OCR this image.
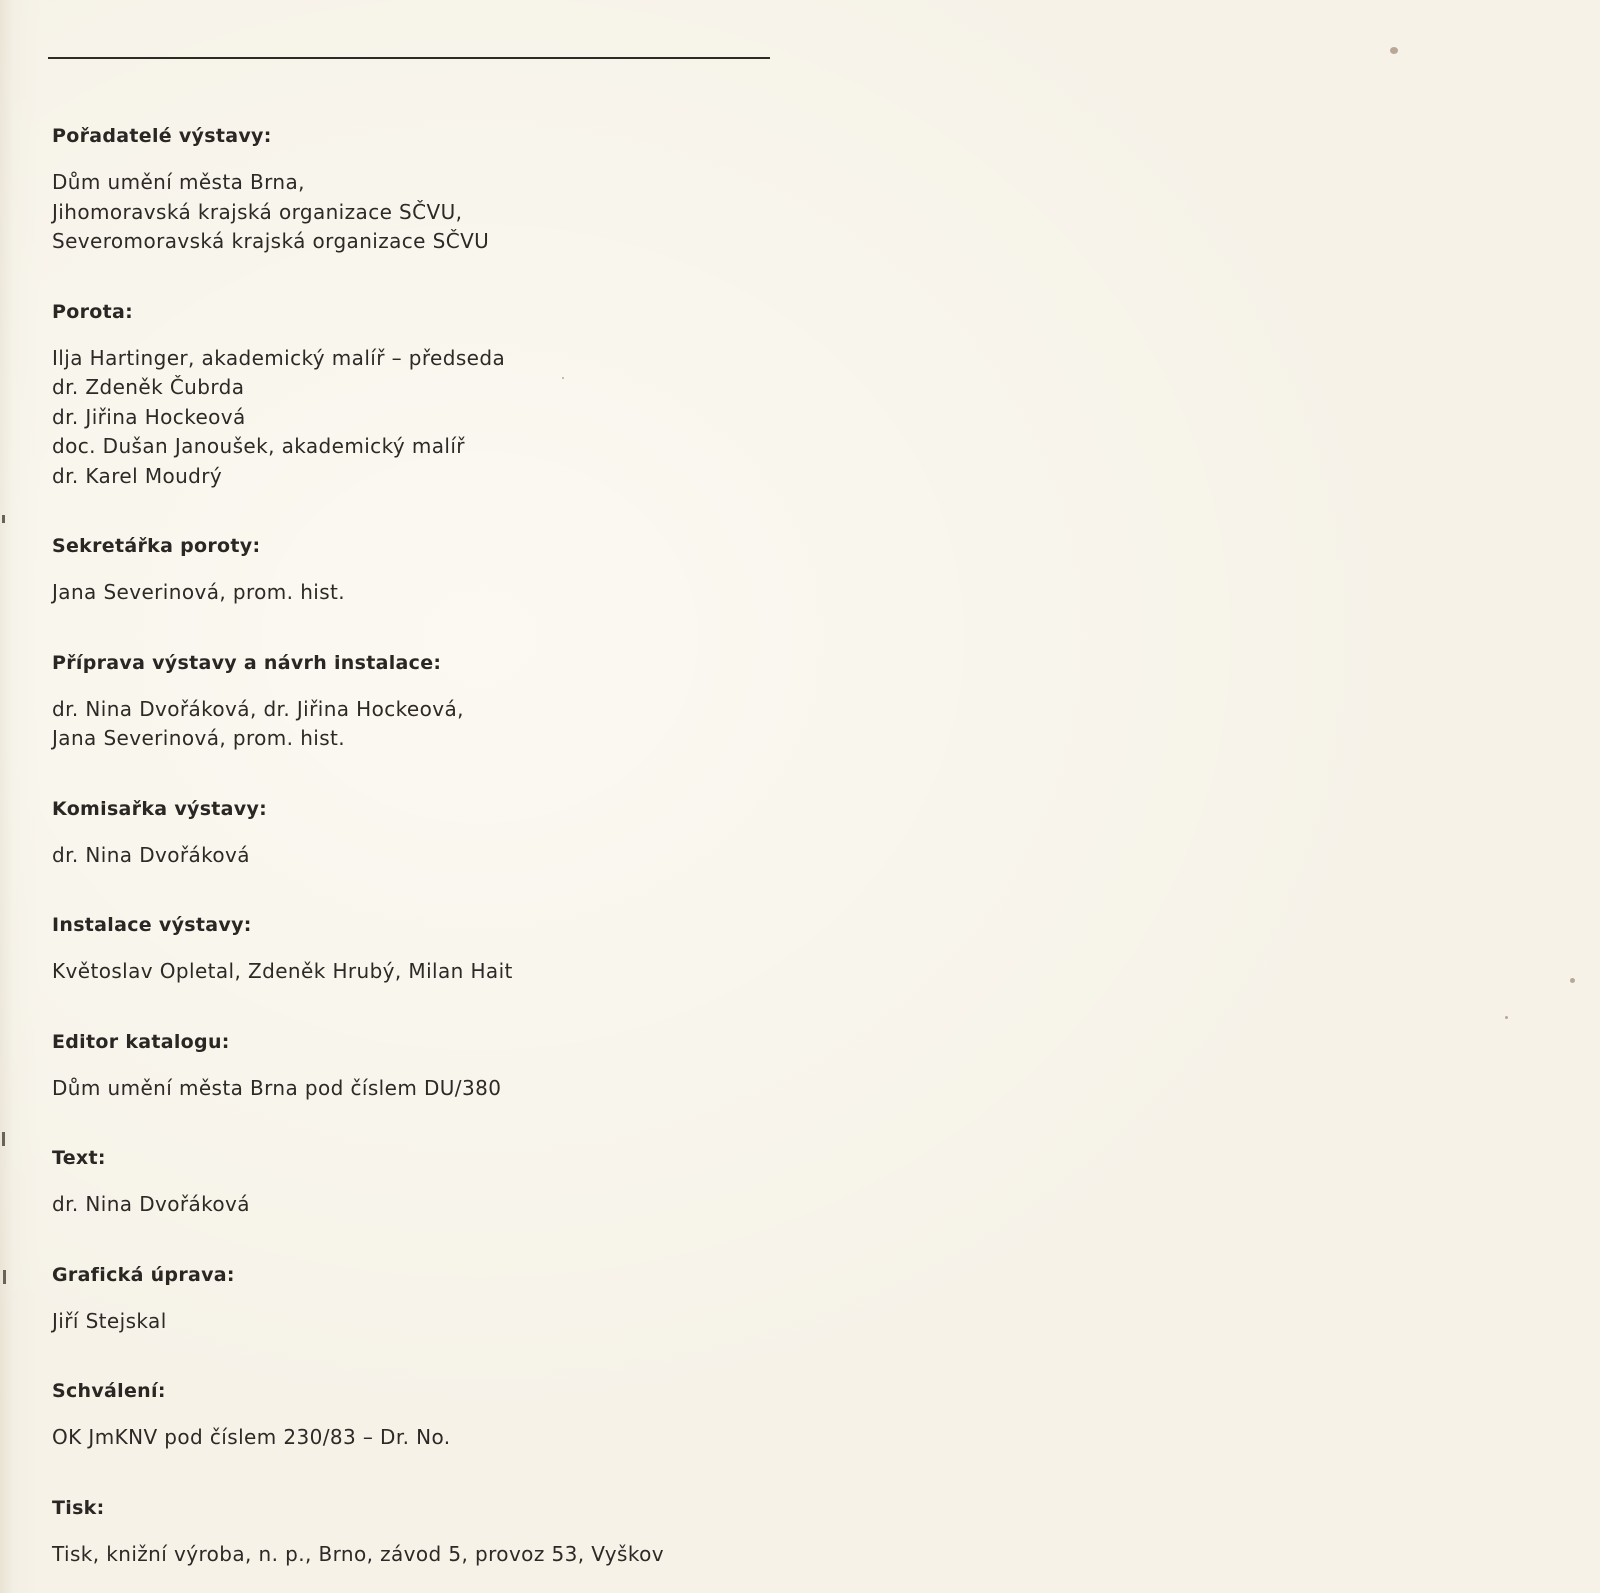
Pořadatelé výstavy:
Dům umění města Brna,
Jihomoravská krajská organizace SČVU,
Severomoravská krajská organizace SČVU
Porota:
Ilja Hartinger, akademický malíř – předseda
dr. Zdeněk Čubrda
dr. Jiřina Hockeová
doc. Dušan Janoušek, akademický malíř
dr. Karel Moudrý
Sekretářka poroty:
Jana Severinová, prom. hist.
Příprava výstavy a návrh instalace:
dr. Nina Dvořáková, dr. Jiřina Hockeová,
Jana Severinová, prom. hist.
Komisařka výstavy:
dr. Nina Dvořáková
Instalace výstavy:
Květoslav Opletal, Zdeněk Hrubý, Milan Hait
Editor katalogu:
Dům umění města Brna pod číslem DU/380
Text:
dr. Nina Dvořáková
Grafická úprava:
Jiří Stejskal
Schválení:
OK JmKNV pod číslem 230/83 – Dr. No.
Tisk:
Tisk, knižní výroba, n. p., Brno, závod 5, provoz 53, Vyškov
